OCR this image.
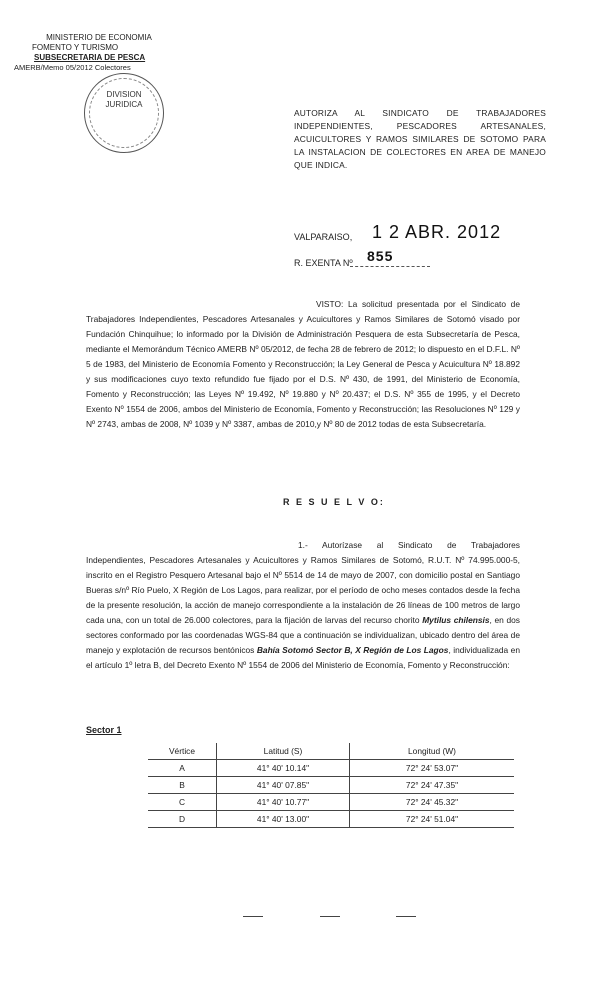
MINISTERIO DE ECONOMIA
FOMENTO Y TURISMO
SUBSECRETARIA DE PESCA
AMERB/Memo 05/2012 Colectores
DIVISION
JURIDICA
AUTORIZA AL SINDICATO DE TRABAJADORES INDEPENDIENTES, PESCADORES ARTESANALES, ACUICULTORES Y RAMOS SIMILARES DE SOTOMO PARA LA INSTALACION DE COLECTORES EN AREA DE MANEJO QUE INDICA.
VALPARAISO, 1 2 ABR. 2012
R. EXENTA Nº 855
VISTO: La solicitud presentada por el Sindicato de Trabajadores Independientes, Pescadores Artesanales y Acuicultores y Ramos Similares de Sotomó visado por Fundación Chinquihue; lo informado por la División de Administración Pesquera de esta Subsecretaría de Pesca, mediante el Memorándum Técnico AMERB Nº 05/2012, de fecha 28 de febrero de 2012; lo dispuesto en el D.F.L. Nº 5 de 1983, del Ministerio de Economía Fomento y Reconstrucción; la Ley General de Pesca y Acuicultura Nº 18.892 y sus modificaciones cuyo texto refundido fue fijado por el D.S. Nº 430, de 1991, del Ministerio de Economía, Fomento y Reconstrucción; las Leyes Nº 19.492, Nº 19.880 y Nº 20.437; el D.S. Nº 355 de 1995, y el Decreto Exento Nº 1554 de 2006, ambos del Ministerio de Economía, Fomento y Reconstrucción; las Resoluciones Nº 129 y Nº 2743, ambas de 2008, Nº 1039 y Nº 3387, ambas de 2010,y Nº 80 de 2012 todas de esta Subsecretaría.
R E S U E L V O:
1.- Autorízase al Sindicato de Trabajadores Independientes, Pescadores Artesanales y Acuicultores y Ramos Similares de Sotomó, R.U.T. Nº 74.995.000-5, inscrito en el Registro Pesquero Artesanal bajo el Nº 5514 de 14 de mayo de 2007, con domicilio postal en Santiago Bueras s/nº Río Puelo, X Región de Los Lagos, para realizar, por el período de ocho meses contados desde la fecha de la presente resolución, la acción de manejo correspondiente a la instalación de 26 líneas de 100 metros de largo cada una, con un total de 26.000 colectores, para la fijación de larvas del recurso chorito Mytilus chilensis, en dos sectores conformado por las coordenadas WGS-84 que a continuación se individualizan, ubicado dentro del área de manejo y explotación de recursos bentónicos Bahía Sotomó Sector B, X Región de Los Lagos, individualizada en el artículo 1º letra B, del Decreto Exento Nº 1554 de 2006 del Ministerio de Economía, Fomento y Reconstrucción:
Sector 1
Vértice	Latitud (S)	Longitud (W)
A	41° 40' 10.14"	72° 24' 53.07"
B	41° 40' 07.85"	72° 24' 47.35"
C	41° 40' 10.77"	72° 24' 45.32"
D	41° 40' 13.00"	72° 24' 51.04"
